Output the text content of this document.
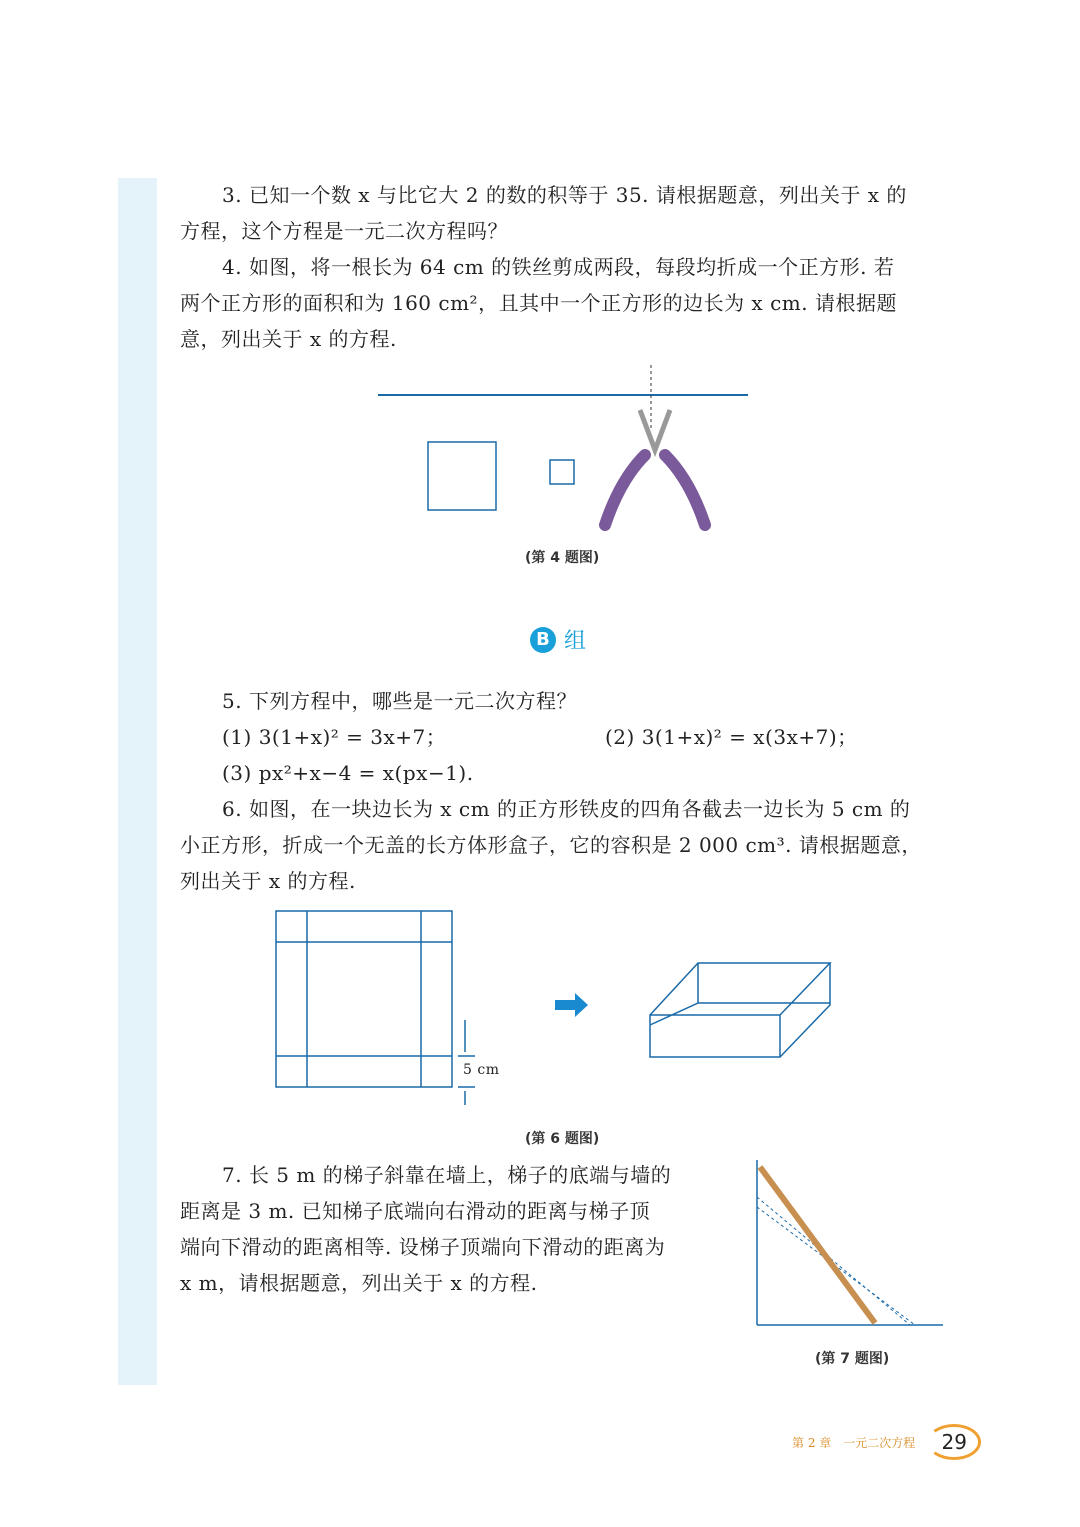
3. 已知一个数 x 与比它大 2 的数的积等于 35. 请根据题意，列出关于 x 的
方程，这个方程是一元二次方程吗？
4. 如图，将一根长为 64 cm 的铁丝剪成两段，每段均折成一个正方形. 若
两个正方形的面积和为 160 cm²，且其中一个正方形的边长为 x cm. 请根据题
意，列出关于 x 的方程.
(第 4 题图)
B 组
5. 下列方程中，哪些是一元二次方程？
(1) 3(1+x)² = 3x+7；	(2) 3(1+x)² = x(3x+7)；
(3) px²+x−4 = x(px−1).
6. 如图，在一块边长为 x cm 的正方形铁皮的四角各截去一边长为 5 cm 的
小正方形，折成一个无盖的长方体形盒子，它的容积是 2 000 cm³. 请根据题意，
列出关于 x 的方程.
5 cm
(第 6 题图)
7. 长 5 m 的梯子斜靠在墙上，梯子的底端与墙的
距离是 3 m. 已知梯子底端向右滑动的距离与梯子顶
端向下滑动的距离相等. 设梯子顶端向下滑动的距离为
x m，请根据题意，列出关于 x 的方程.
(第 7 题图)
第 2 章 一元二次方程	29
